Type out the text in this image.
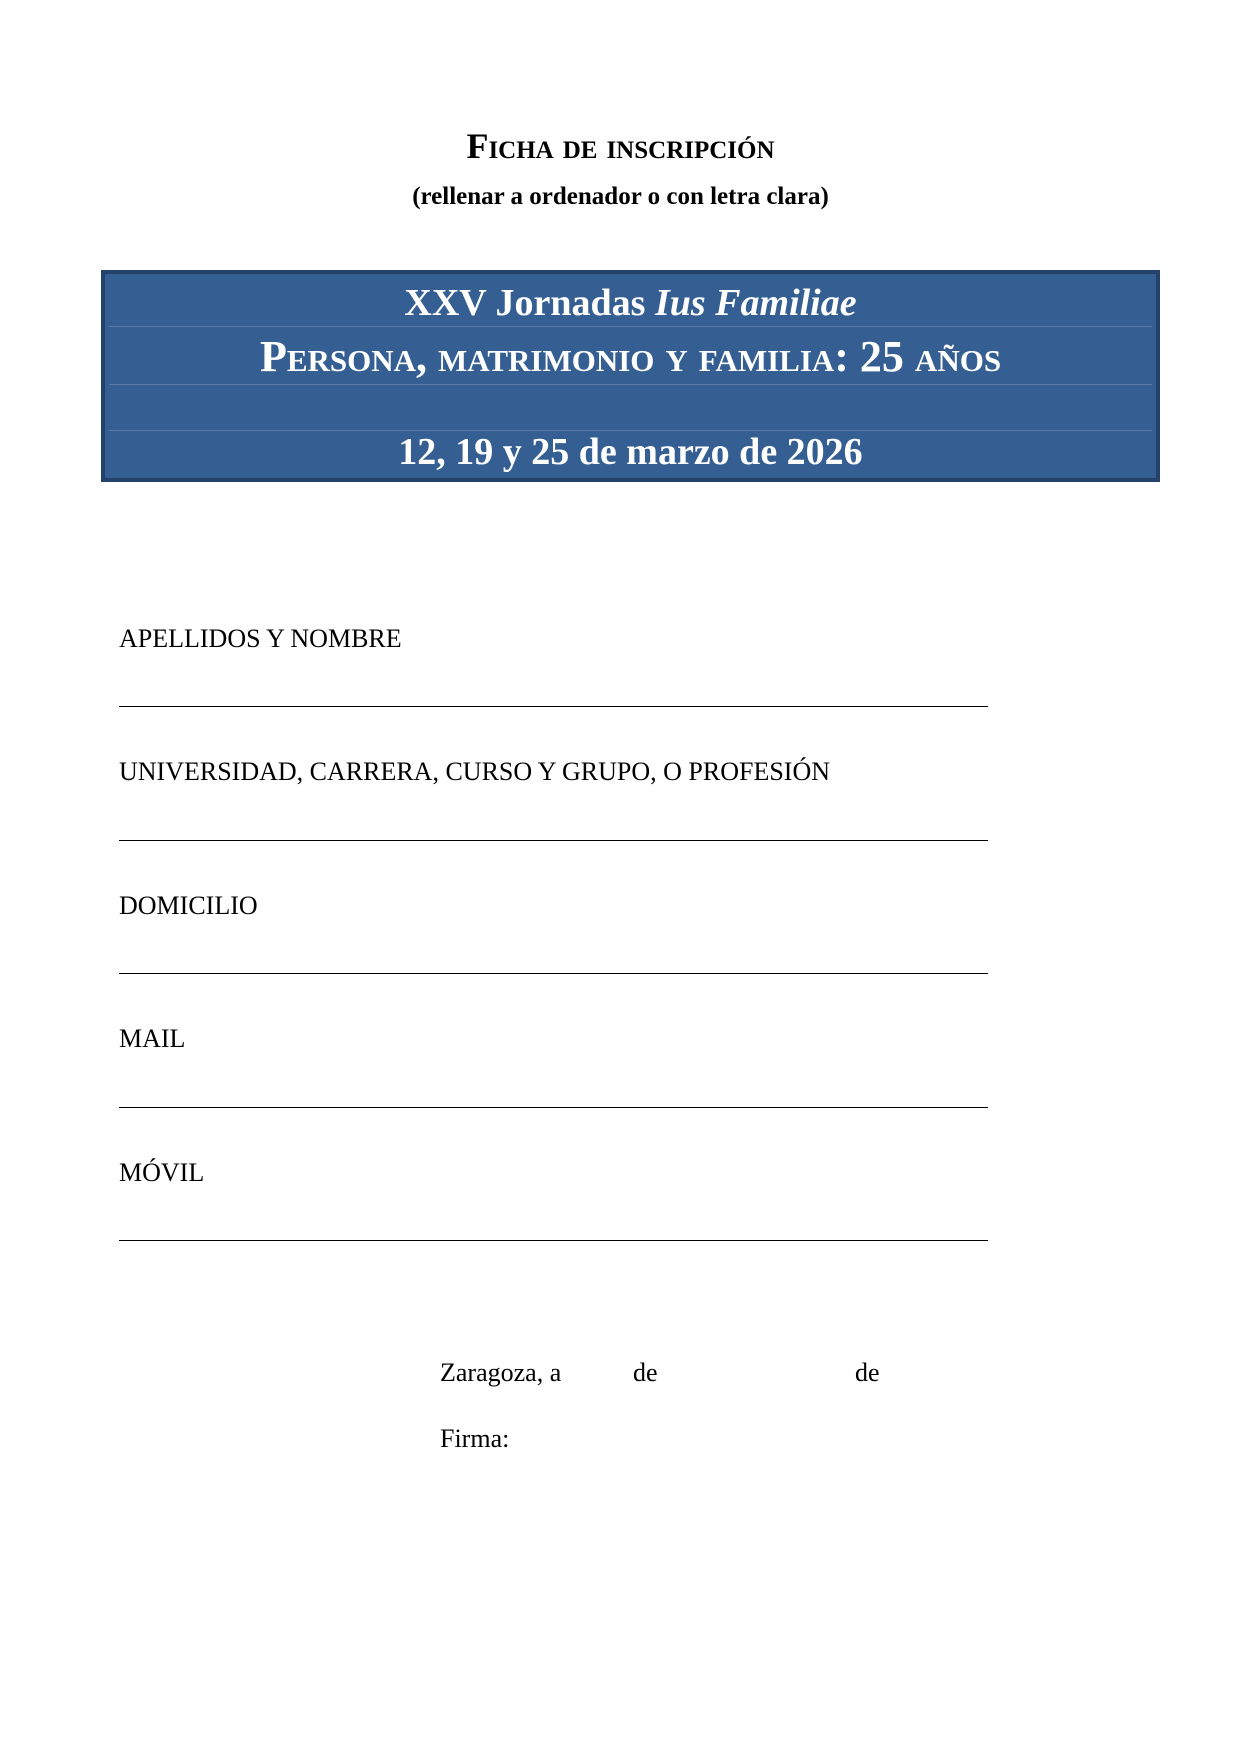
Ficha de inscripción
(rellenar a ordenador o con letra clara)
XXV Jornadas Ius Familiae
Persona, matrimonio y familia: 25 años
12, 19 y 25 de marzo de 2026
APELLIDOS Y NOMBRE
UNIVERSIDAD, CARRERA, CURSO Y GRUPO, O PROFESIÓN
DOMICILIO
MAIL
MÓVIL
Zaragoza, a	de	de
Firma:
